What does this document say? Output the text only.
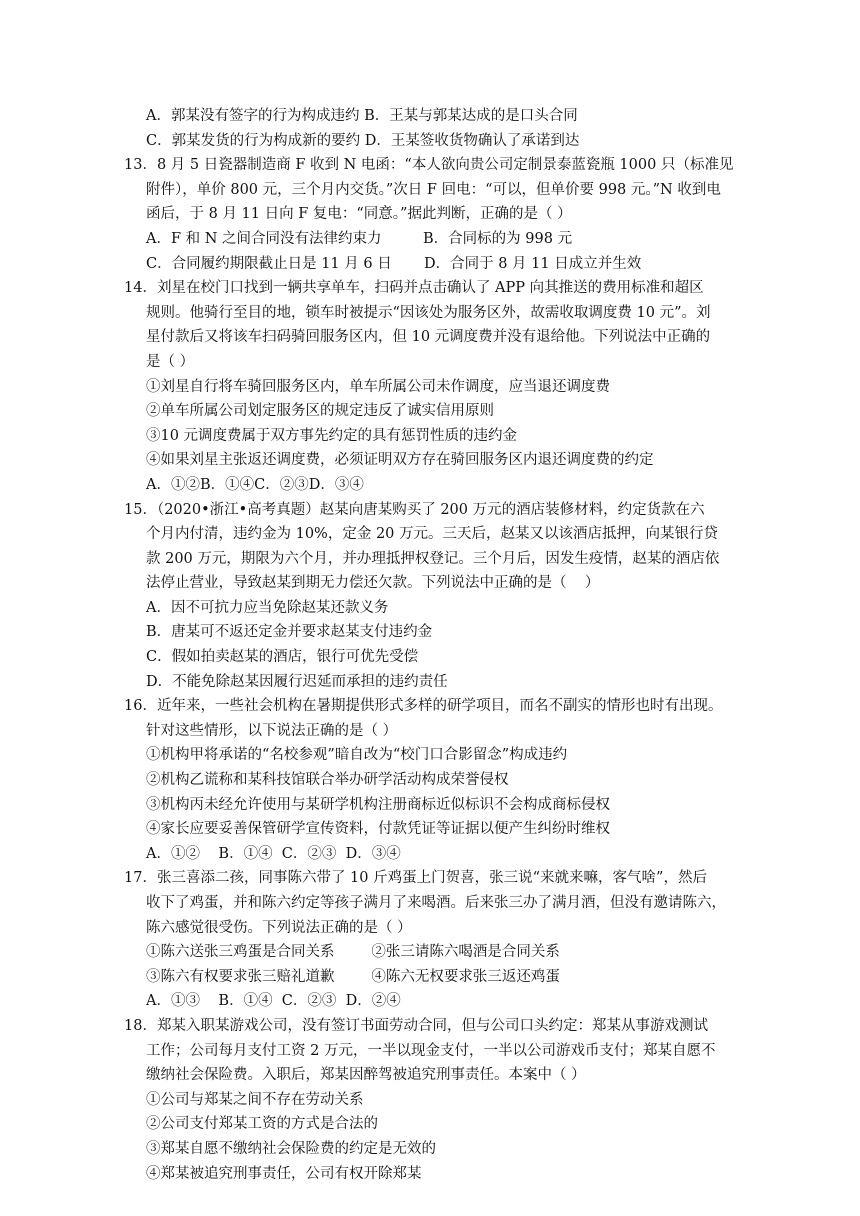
A．郭某没有签字的行为构成违约 B．王某与郭某达成的是口头合同
C．郭某发货的行为构成新的要约 D．王某签收货物确认了承诺到达
13．8 月 5 日瓷器制造商 F 收到 N 电函：“本人欲向贵公司定制景泰蓝瓷瓶 1000 只（标准见
附件），单价 800 元，三个月内交货。”次日 F 回电：“可以，但单价要 998 元。”N 收到电
函后，于 8 月 11 日向 F 复电：“同意。”据此判断，正确的是（ ）
A．F 和 N 之间合同没有法律约束力         B．合同标的为 998 元
C．合同履约期限截止日是 11 月 6 日       D．合同于 8 月 11 日成立并生效
14．刘星在校门口找到一辆共享单车，扫码并点击确认了 APP 向其推送的费用标准和超区
规则。他骑行至目的地，锁车时被提示“因该处为服务区外，故需收取调度费 10 元”。刘
星付款后又将该车扫码骑回服务区内，但 10 元调度费并没有退给他。下列说法中正确的
是（ ）
①刘星自行将车骑回服务区内，单车所属公司未作调度，应当退还调度费
②单车所属公司划定服务区的规定违反了诚实信用原则
③10 元调度费属于双方事先约定的具有惩罚性质的违约金
④如果刘星主张返还调度费，必须证明双方存在骑回服务区内退还调度费的约定
A．①②B．①④C．②③D．③④
15．（2020•浙江•高考真题）赵某向唐某购买了 200 万元的酒店装修材料，约定货款在六
个月内付清，违约金为 10%，定金 20 万元。三天后，赵某又以该酒店抵押，向某银行贷
款 200 万元，期限为六个月，并办理抵押权登记。三个月后，因发生疫情，赵某的酒店依
法停止营业，导致赵某到期无力偿还欠款。下列说法中正确的是（    ）
A．因不可抗力应当免除赵某还款义务
B．唐某可不返还定金并要求赵某支付违约金
C．假如拍卖赵某的酒店，银行可优先受偿
D．不能免除赵某因履行迟延而承担的违约责任
16．近年来，一些社会机构在暑期提供形式多样的研学项目，而名不副实的情形也时有出现。
针对这些情形，以下说法正确的是（ ）
①机构甲将承诺的“名校参观”暗自改为“校门口合影留念”构成违约
②机构乙谎称和某科技馆联合举办研学活动构成荣誉侵权
③机构丙未经允许使用与某研学机构注册商标近似标识不会构成商标侵权
④家长应要妥善保管研学宣传资料，付款凭证等证据以便产生纠纷时维权
A．①②    B．①④  C．②③  D．③④
17．张三喜添二孩，同事陈六带了 10 斤鸡蛋上门贺喜，张三说“来就来嘛，客气啥”，然后
收下了鸡蛋，并和陈六约定等孩子满月了来喝酒。后来张三办了满月酒，但没有邀请陈六，
陈六感觉很受伤。下列说法正确的是（ ）
①陈六送张三鸡蛋是合同关系        ②张三请陈六喝酒是合同关系
③陈六有权要求张三赔礼道歉        ④陈六无权要求张三返还鸡蛋
A．①③    B．①④  C．②③  D．②④
18．郑某入职某游戏公司，没有签订书面劳动合同，但与公司口头约定：郑某从事游戏测试
工作；公司每月支付工资 2 万元，一半以现金支付，一半以公司游戏币支付；郑某自愿不
缴纳社会保险费。入职后，郑某因醉驾被追究刑事责任。本案中（ ）
①公司与郑某之间不存在劳动关系
②公司支付郑某工资的方式是合法的
③郑某自愿不缴纳社会保险费的约定是无效的
④郑某被追究刑事责任，公司有权开除郑某
